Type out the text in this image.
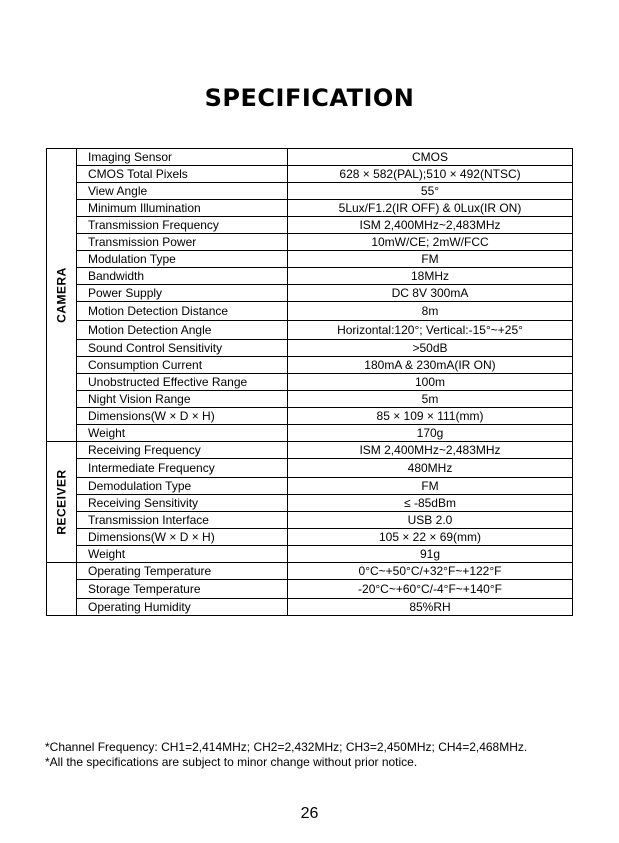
SPECIFICATION
CAMERA	Imaging Sensor	CMOS
	CMOS Total Pixels	628 × 582(PAL);510 × 492(NTSC)
	View Angle	55°
	Minimum Illumination	5Lux/F1.2(IR OFF) & 0Lux(IR ON)
	Transmission Frequency	ISM 2,400MHz~2,483MHz
	Transmission Power	10mW/CE; 2mW/FCC
	Modulation Type	FM
	Bandwidth	18MHz
	Power Supply	DC 8V 300mA
	Motion Detection Distance	8m
	Motion Detection Angle	Horizontal:120°; Vertical:-15°~+25°
	Sound Control Sensitivity	>50dB
	Consumption Current	180mA & 230mA(IR ON)
	Unobstructed Effective Range	100m
	Night Vision Range	5m
	Dimensions(W × D × H)	85 × 109 × 111(mm)
	Weight	170g

RECEIVER	Receiving Frequency	ISM 2,400MHz~2,483MHz
	Intermediate Frequency	480MHz
	Demodulation Type	FM
	Receiving Sensitivity	≤ -85dBm
	Transmission Interface	USB 2.0
	Dimensions(W × D × H)	105 × 22 × 69(mm)
	Weight	91g
	Operating Temperature	0°C~+50°C/+32°F~+122°F
	Storage Temperature	-20°C~+60°C/-4°F~+140°F
	Operating Humidity	85%RH
*Channel Frequency: CH1=2,414MHz; CH2=2,432MHz; CH3=2,450MHz; CH4=2,468MHz.
*All the specifications are subject to minor change without prior notice.
26
